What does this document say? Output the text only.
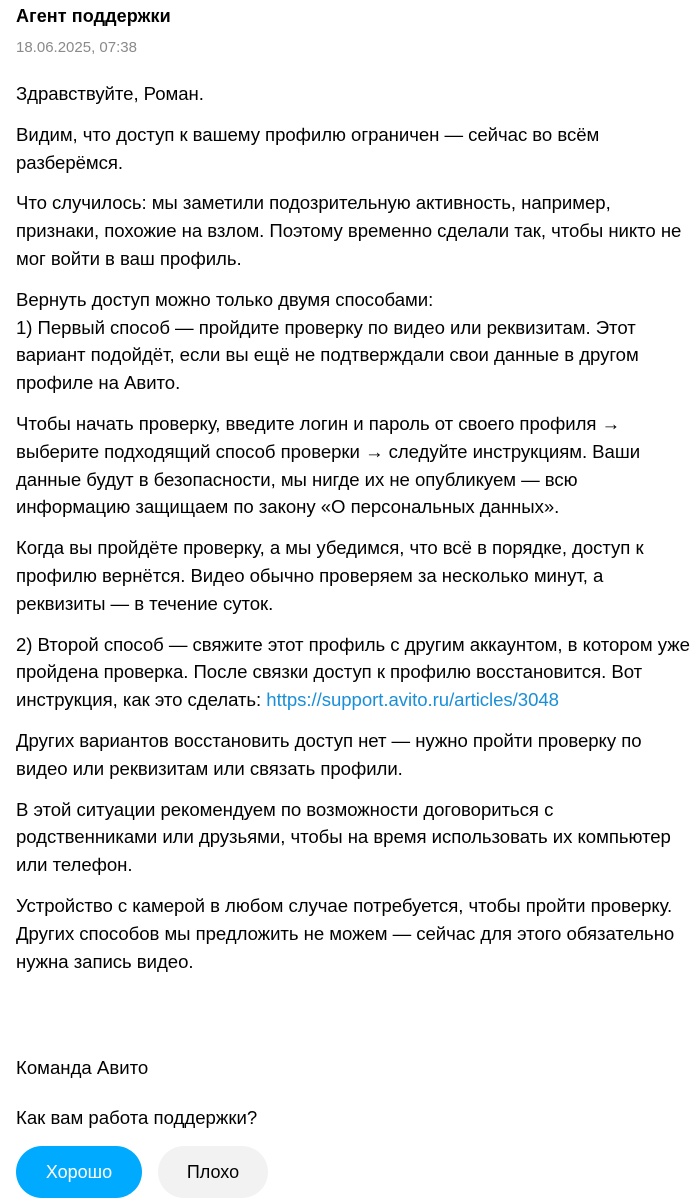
Агент поддержки
18.06.2025, 07:38

Здравствуйте, Роман.

Видим, что доступ к вашему профилю ограничен — сейчас во всём разберёмся.

Что случилось: мы заметили подозрительную активность, например, признаки, похожие на взлом. Поэтому временно сделали так, чтобы никто не мог войти в ваш профиль.

Вернуть доступ можно только двумя способами:
1) Первый способ — пройдите проверку по видео или реквизитам. Этот вариант подойдёт, если вы ещё не подтверждали свои данные в другом профиле на Авито.

Чтобы начать проверку, введите логин и пароль от своего профиля → выберите подходящий способ проверки → следуйте инструкциям. Ваши данные будут в безопасности, мы нигде их не опубликуем — всю информацию защищаем по закону «О персональных данных».

Когда вы пройдёте проверку, а мы убедимся, что всё в порядке, доступ к профилю вернётся. Видео обычно проверяем за несколько минут, а реквизиты — в течение суток.

2) Второй способ — свяжите этот профиль с другим аккаунтом, в котором уже пройдена проверка. После связки доступ к профилю восстановится. Вот инструкция, как это сделать: https://support.avito.ru/articles/3048

Других вариантов восстановить доступ нет — нужно пройти проверку по видео или реквизитам или связать профили.

В этой ситуации рекомендуем по возможности договориться с родственниками или друзьями, чтобы на время использовать их компьютер или телефон.

Устройство с камерой в любом случае потребуется, чтобы пройти проверку. Других способов мы предложить не можем — сейчас для этого обязательно нужна запись видео.

Команда Авито
Как вам работа поддержки?
Хорошо	Плохо
